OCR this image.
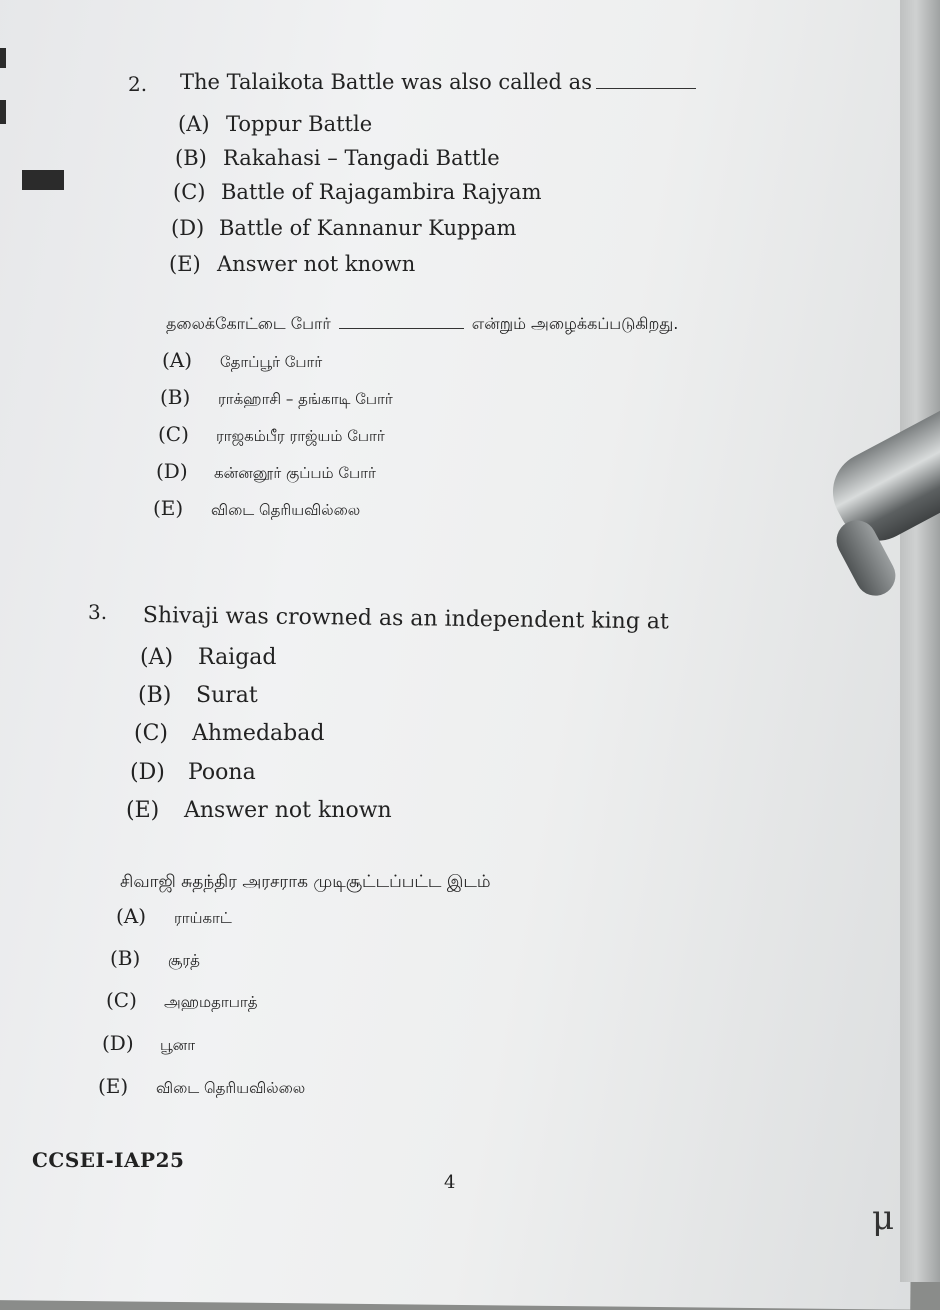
2. The Talaikota Battle was also called as
(A) Toppur Battle
(B) Rakahasi – Tangadi Battle
(C) Battle of Rajagambira Rajyam
(D) Battle of Kannanur Kuppam
(E) Answer not known
தலைக்கோட்டை போர்	என்றும் அழைக்கப்படுகிறது.
(A) தோப்பூர் போர்
(B) ராக்ஹாசி – தங்காடி போர்
(C) ராஜகம்பீர ராஜ்யம் போர்
(D) கன்னனூர் குப்பம் போர்
(E) விடை தெரியவில்லை
3. Shivaji was crowned as an independent king at
(A) Raigad
(B) Surat
(C) Ahmedabad
(D) Poona
(E) Answer not known
சிவாஜி சுதந்திர அரசராக முடிசூட்டப்பட்ட இடம்
(A) ராய்காட்
(B) சூரத்
(C) அஹமதாபாத்
(D) பூனா
(E) விடை தெரியவில்லை
CCSEI-IAP25
4
μ
